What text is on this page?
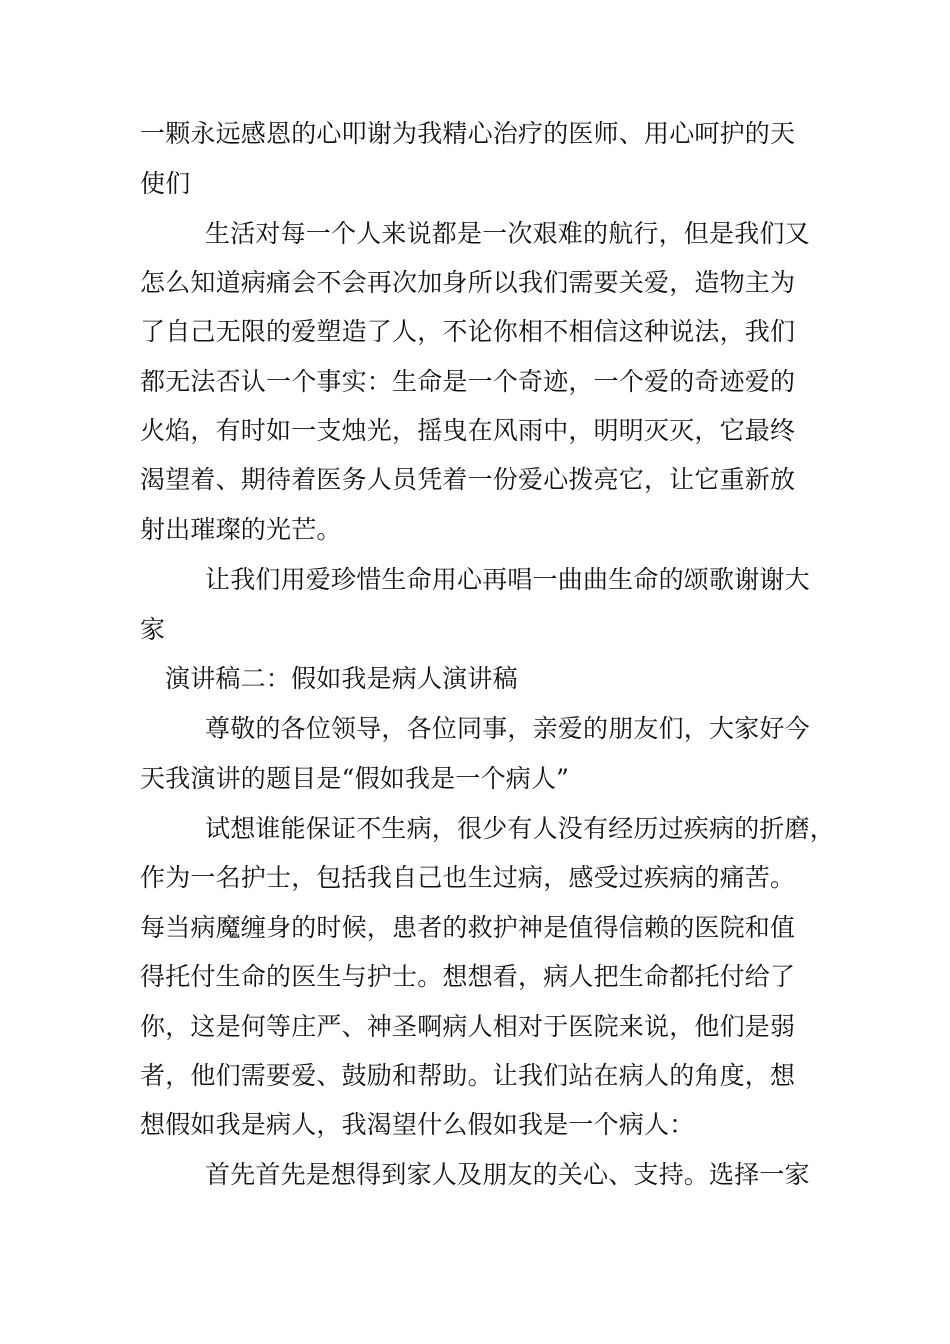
一颗永远感恩的心叩谢为我精心治疗的医师、用心呵护的天
使们
生活对每一个人来说都是一次艰难的航行，但是我们又
怎么知道病痛会不会再次加身所以我们需要关爱，造物主为
了自己无限的爱塑造了人，不论你相不相信这种说法，我们
都无法否认一个事实：生命是一个奇迹，一个爱的奇迹爱的
火焰，有时如一支烛光，摇曳在风雨中，明明灭灭，它最终
渴望着、期待着医务人员凭着一份爱心拨亮它，让它重新放
射出璀璨的光芒。
让我们用爱珍惜生命用心再唱一曲曲生命的颂歌谢谢大
家
演讲稿二：假如我是病人演讲稿
尊敬的各位领导，各位同事，亲爱的朋友们，大家好今
天我演讲的题目是“假如我是一个病人”
试想谁能保证不生病，很少有人没有经历过疾病的折磨，
作为一名护士，包括我自己也生过病，感受过疾病的痛苦。
每当病魔缠身的时候，患者的救护神是值得信赖的医院和值
得托付生命的医生与护士。想想看，病人把生命都托付给了
你，这是何等庄严、神圣啊病人相对于医院来说，他们是弱
者，他们需要爱、鼓励和帮助。让我们站在病人的角度，想
想假如我是病人，我渴望什么假如我是一个病人：
首先首先是想得到家人及朋友的关心、支持。选择一家
